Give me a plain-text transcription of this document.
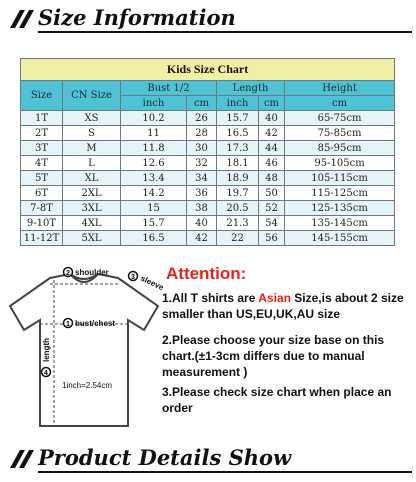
Size Information
Kids Size Chart						
Size	CN Size	Bust 1/2		Length		Height
		inch	cm	inch	cm	cm
1T	XS	10.2	26	15.7	40	65-75cm
2T	S	11	28	16.5	42	75-85cm
3T	M	11.8	30	17.3	44	85-95cm
4T	L	12.6	32	18.1	46	95-105cm
5T	XL	13.4	34	18.9	48	105-115cm
6T	2XL	14.2	36	19.7	50	115-125cm
7-8T	3XL	15	38	20.5	52	125-135cm
9-10T	4XL	15.7	40	21.3	54	135-145cm
11-12T	5XL	16.5	42	22	56	145-155cm
2 shoulder
3 sleeve
1 bust/chest
4
length
1inch=2.54cm
Attention:
1.All T shirts are Asian Size,is about 2 size smaller than US,EU,UK,AU size
2.Please choose your size base on this chart.(±1-3cm differs due to manual measurement )
3.Please check size chart when place an order
Product Details Show
